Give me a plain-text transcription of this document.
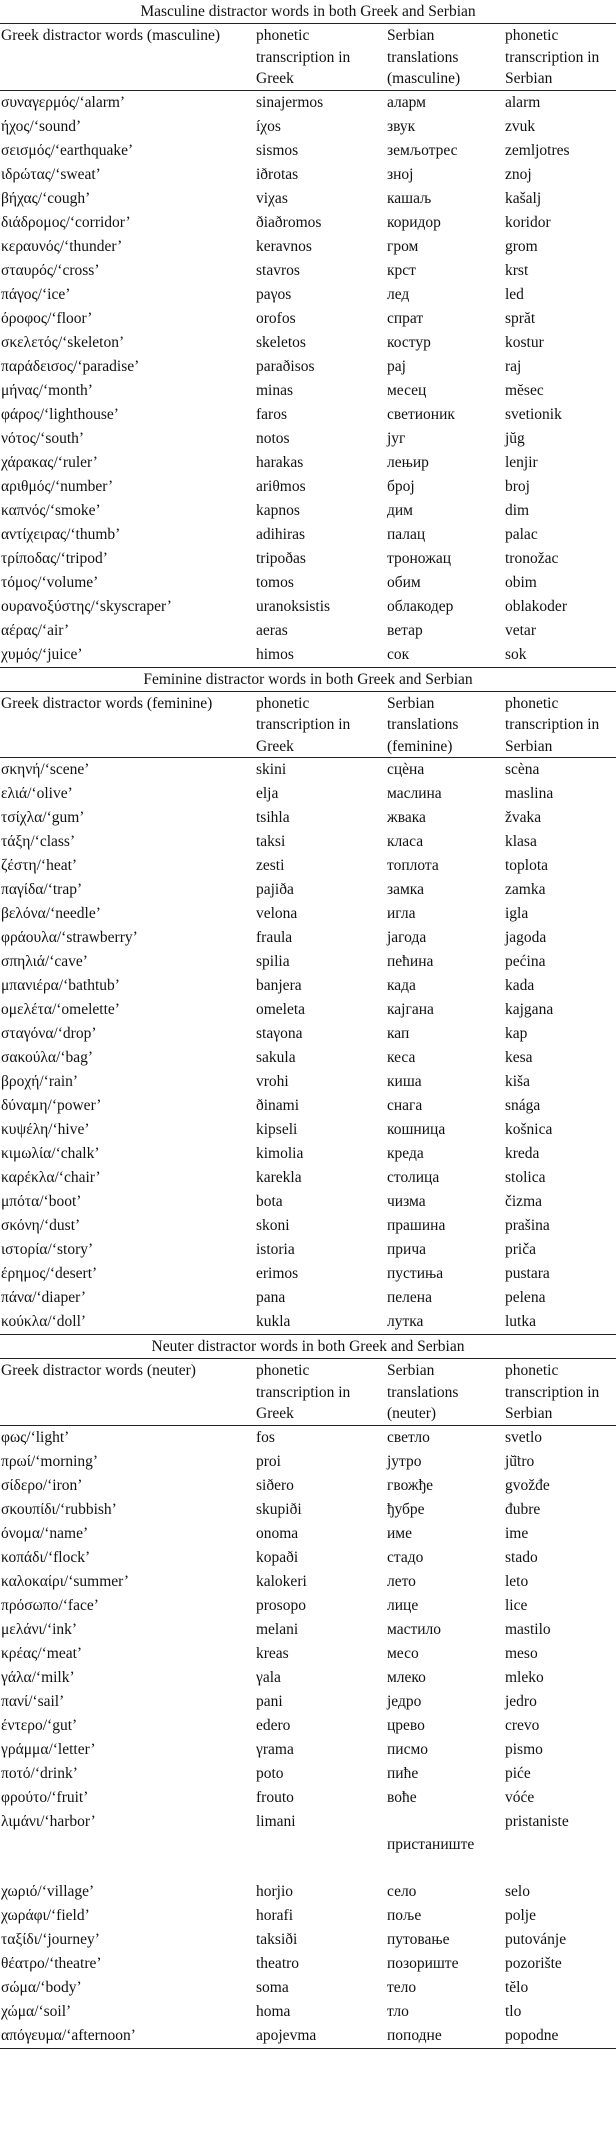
Masculine distractor words in both Greek and Serbian
Greek distractor words (masculine)	phonetic transcription in Greek	Serbian translations (masculine)	phonetic transcription in Serbian
συναγερμός/‘alarm’	sinajermos	аларм	alarm
ήχος/‘sound’	íχos	звук	zvuk
σεισμός/‘earthquake’	sismos	земљотрес	zemljotres
ιδρώτας/‘sweat’	iðrotas	зној	znoj
βήχας/‘cough’	viχas	кашаљ	kašalj
διάδρομος/‘corridor’	ðiaðromos	коридор	koridor
κεραυνός/‘thunder’	keravnos	гром	grom
σταυρός/‘cross’	stavros	крст	krst
πάγος/‘ice’	paγos	лед	led
όροφος/‘floor’	orofos	спрат	sprăt
σκελετός/‘skeleton’	skeletos	костур	kostur
παράδεισος/‘paradise’	paraðisos	рај	raj
μήνας/‘month’	minas	месец	mĕsec
φάρος/‘lighthouse’	faros	светионик	svetionik
νότος/‘south’	notos	југ	jŭg
χάρακας/‘ruler’	harakas	лењир	lenjir
αριθμός/‘number’	ariθmos	број	broj
καπνός/‘smoke’	kapnos	дим	dim
αντίχειρας/‘thumb’	adihiras	палац	palac
τρίποδας/‘tripod’	tripoðas	троножац	tronožac
τόμος/‘volume’	tomos	обим	obim
ουρανοξύστης/‘skyscraper’	uranoksistis	облакодер	oblakoder
αέρας/‘air’	aeras	ветар	vetar
χυμός/‘juice’	himos	сок	sok
Feminine distractor words in both Greek and Serbian
Greek distractor words (feminine)	phonetic transcription in Greek	Serbian translations (feminine)	phonetic transcription in Serbian
σκηνή/‘scene’	skini	сцѐна	scèna
ελιά/‘olive’	elja	маслина	maslina
τσίχλα/‘gum’	tsihla	жвака	žvaka
τάξη/‘class’	taksi	класа	klasa
ζέστη/‘heat’	zesti	топлота	toplota
παγίδα/‘trap’	pajiða	замка	zamka
βελόνα/‘needle’	velona	игла	igla
φράουλα/‘strawberry’	fraula	јагода	jagoda
σπηλιά/‘cave’	spilia	пећина	pećina
μπανιέρα/‘bathtub’	banjera	када	kada
ομελέτα/‘omelette’	omeleta	кајгана	kajgana
σταγόνα/‘drop’	staγona	кап	kap
σακούλα/‘bag’	sakula	кеса	kesa
βροχή/‘rain’	vrohi	киша	kiša
δύναμη/‘power’	ðinami	снага	snága
κυψέλη/‘hive’	kipseli	кошница	košnica
κιμωλία/‘chalk’	kimolia	креда	kreda
καρέκλα/‘chair’	karekla	столица	stolica
μπότα/‘boot’	bota	чизма	čizma
σκόνη/‘dust’	skoni	прашина	prašina
ιστορία/‘story’	istoria	прича	priča
έρημος/‘desert’	erimos	пустиња	pustara
πάνα/‘diaper’	pana	пелена	pelena
κούκλα/‘doll’	kukla	лутка	lutka
Neuter distractor words in both Greek and Serbian
Greek distractor words (neuter)	phonetic transcription in Greek	Serbian translations (neuter)	phonetic transcription in Serbian
φως/‘light’	fos	светло	svetlo
πρωί/‘morning’	proi	јутро	jŭ̈tro
σίδερο/‘iron’	siðero	гвожђе	gvožđe
σκουπίδι/‘rubbish’	skupiði	ђубре	đubre
όνομα/‘name’	onoma	име	ime
κοπάδι/‘flock’	kopaði	стадо	stado
καλοκαίρι/‘summer’	kalokeri	лето	leto
πρόσωπο/‘face’	prosopo	лице	lice
μελάνι/‘ink’	melani	мастило	mastilo
κρέας/‘meat’	kreas	месо	meso
γάλα/‘milk’	γala	млеко	mleko
πανί/‘sail’	pani	једро	jedro
έντερο/‘gut’	edero	црево	crevo
γράμμα/‘letter’	γrama	писмо	pismo
ποτό/‘drink’	poto	пиће	piće
φρούτο/‘fruit’	frouto	воће	vóće
λιμάνι/‘harbor’	limani	пристаниште	pristaniste
χωριό/‘village’	horjio	село	selo
χωράφι/‘field’	horafi	поље	polje
ταξίδι/‘journey’	taksiði	путовање	putovánje
θέατρο/‘theatre’	theatro	позориште	pozorište
σώμα/‘body’	soma	тело	tĕlo
χώμα/‘soil’	homa	тло	tlo
απόγευμα/‘afternoon’	apojevma	поподне	popodne
